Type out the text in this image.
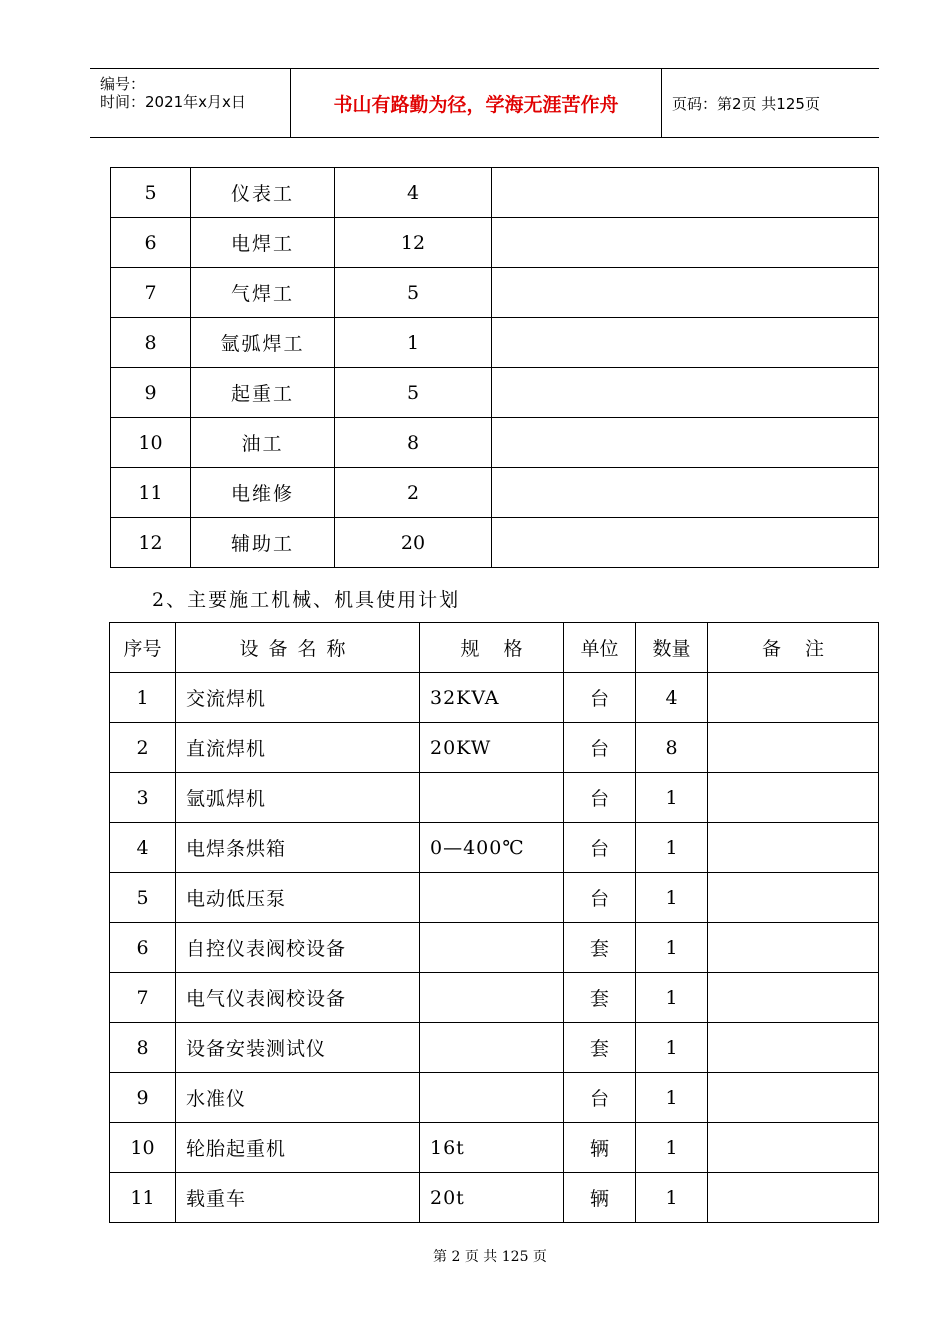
编号：
时间：2021年x月x日	书山有路勤为径，学海无涯苦作舟	页码：第2页 共125页
5	仪表工	4	
6	电焊工	12	
7	气焊工	5	
8	氩弧焊工	1	
9	起重工	5	
10	油工	8	
11	电维修	2	
12	辅助工	20	
2、主要施工机械、机具使用计划
序号	设备名称	规格	单位	数量	备注
1	交流焊机	32KVA	台	4	
2	直流焊机	20KW	台	8	
3	氩弧焊机		台	1	
4	电焊条烘箱	0—400℃	台	1	
5	电动低压泵		台	1	
6	自控仪表阀校设备		套	1	
7	电气仪表阀校设备		套	1	
8	设备安装测试仪		套	1	
9	水准仪		台	1	
10	轮胎起重机	16t	辆	1	
11	载重车	20t	辆	1	
第 2 页 共 125 页
